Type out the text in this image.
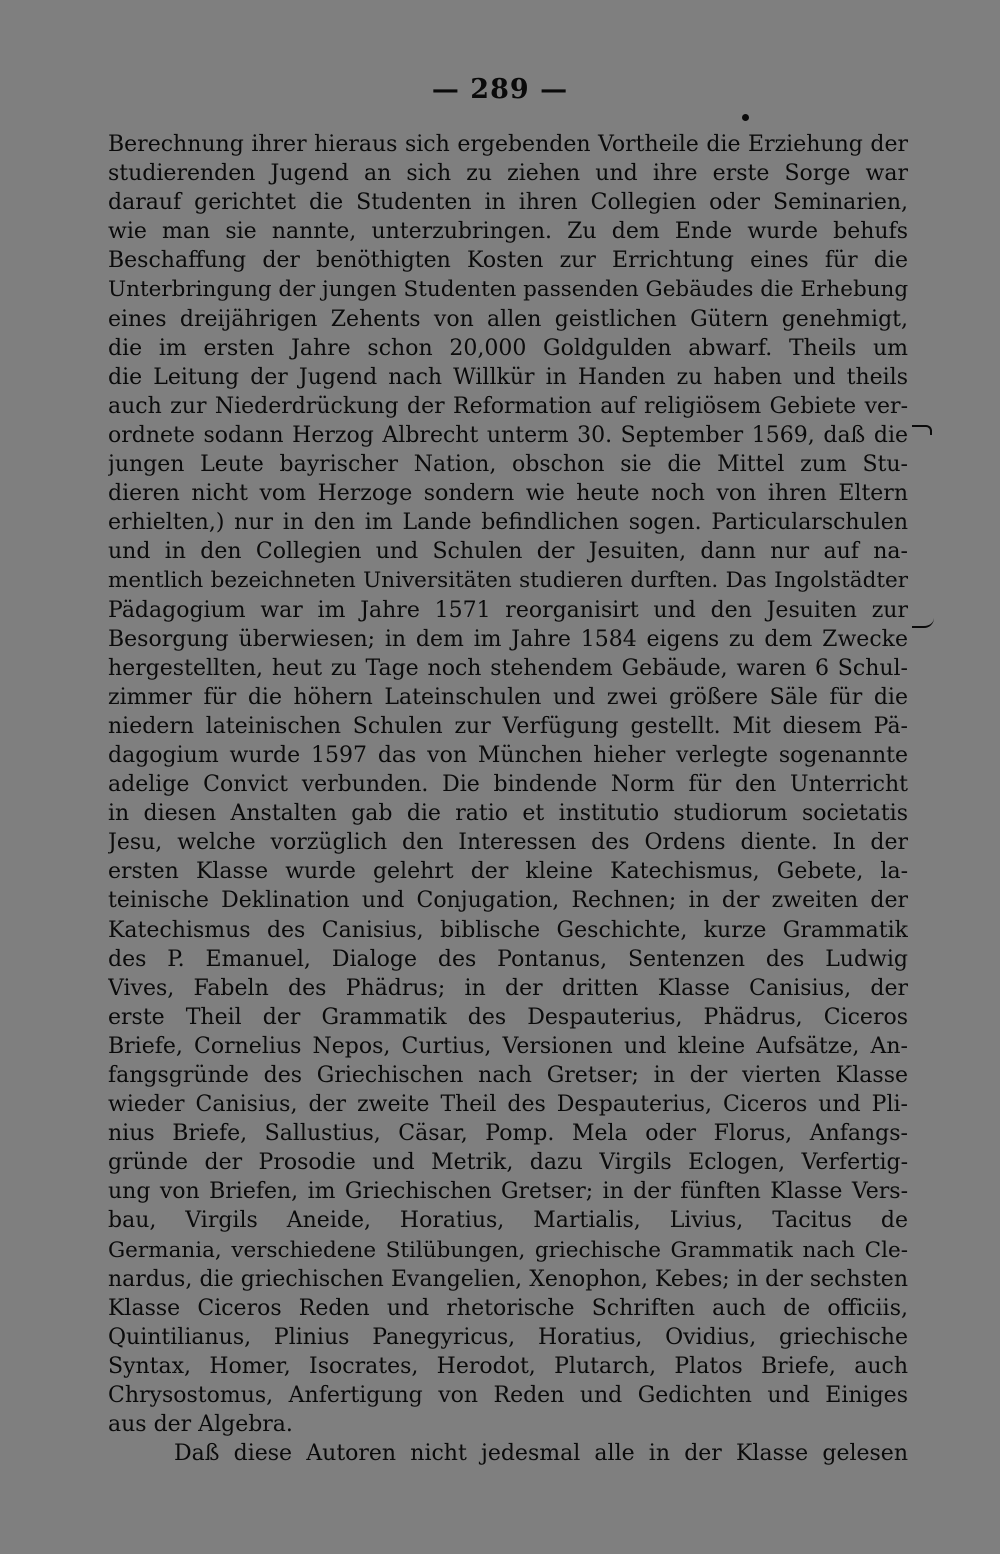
— 289 —
Berechnung ihrer hieraus sich ergebenden Vortheile die Erziehung der
studierenden Jugend an sich zu ziehen und ihre erste Sorge war
darauf gerichtet die Studenten in ihren Collegien oder Seminarien,
wie man sie nannte, unterzubringen. Zu dem Ende wurde behufs
Beschaffung der benöthigten Kosten zur Errichtung eines für die
Unterbringung der jungen Studenten passenden Gebäudes die Erhebung
eines dreijährigen Zehents von allen geistlichen Gütern genehmigt,
die im ersten Jahre schon 20,000 Goldgulden abwarf. Theils um
die Leitung der Jugend nach Willkür in Handen zu haben und theils
auch zur Niederdrückung der Reformation auf religiösem Gebiete ver-
ordnete sodann Herzog Albrecht unterm 30. September 1569, daß die
jungen Leute bayrischer Nation, obschon sie die Mittel zum Stu-
dieren nicht vom Herzoge sondern wie heute noch von ihren Eltern
erhielten,) nur in den im Lande befindlichen sogen. Particularschulen
und in den Collegien und Schulen der Jesuiten, dann nur auf na-
mentlich bezeichneten Universitäten studieren durften. Das Ingolstädter
Pädagogium war im Jahre 1571 reorganisirt und den Jesuiten zur
Besorgung überwiesen; in dem im Jahre 1584 eigens zu dem Zwecke
hergestellten, heut zu Tage noch stehendem Gebäude, waren 6 Schul-
zimmer für die höhern Lateinschulen und zwei größere Säle für die
niedern lateinischen Schulen zur Verfügung gestellt. Mit diesem Pä-
dagogium wurde 1597 das von München hieher verlegte sogenannte
adelige Convict verbunden. Die bindende Norm für den Unterricht
in diesen Anstalten gab die ratio et institutio studiorum societatis
Jesu, welche vorzüglich den Interessen des Ordens diente. In der
ersten Klasse wurde gelehrt der kleine Katechismus, Gebete, la-
teinische Deklination und Conjugation, Rechnen; in der zweiten der
Katechismus des Canisius, biblische Geschichte, kurze Grammatik
des P. Emanuel, Dialoge des Pontanus, Sentenzen des Ludwig
Vives, Fabeln des Phädrus; in der dritten Klasse Canisius, der
erste Theil der Grammatik des Despauterius, Phädrus, Ciceros
Briefe, Cornelius Nepos, Curtius, Versionen und kleine Aufsätze, An-
fangsgründe des Griechischen nach Gretser; in der vierten Klasse
wieder Canisius, der zweite Theil des Despauterius, Ciceros und Pli-
nius Briefe, Sallustius, Cäsar, Pomp. Mela oder Florus, Anfangs-
gründe der Prosodie und Metrik, dazu Virgils Eclogen, Verfertig-
ung von Briefen, im Griechischen Gretser; in der fünften Klasse Vers-
bau, Virgils Aneide, Horatius, Martialis, Livius, Tacitus de
Germania, verschiedene Stilübungen, griechische Grammatik nach Cle-
nardus, die griechischen Evangelien, Xenophon, Kebes; in der sechsten
Klasse Ciceros Reden und rhetorische Schriften auch de officiis,
Quintilianus, Plinius Panegyricus, Horatius, Ovidius, griechische
Syntax, Homer, Isocrates, Herodot, Plutarch, Platos Briefe, auch
Chrysostomus, Anfertigung von Reden und Gedichten und Einiges
aus der Algebra.
Daß diese Autoren nicht jedesmal alle in der Klasse gelesen
